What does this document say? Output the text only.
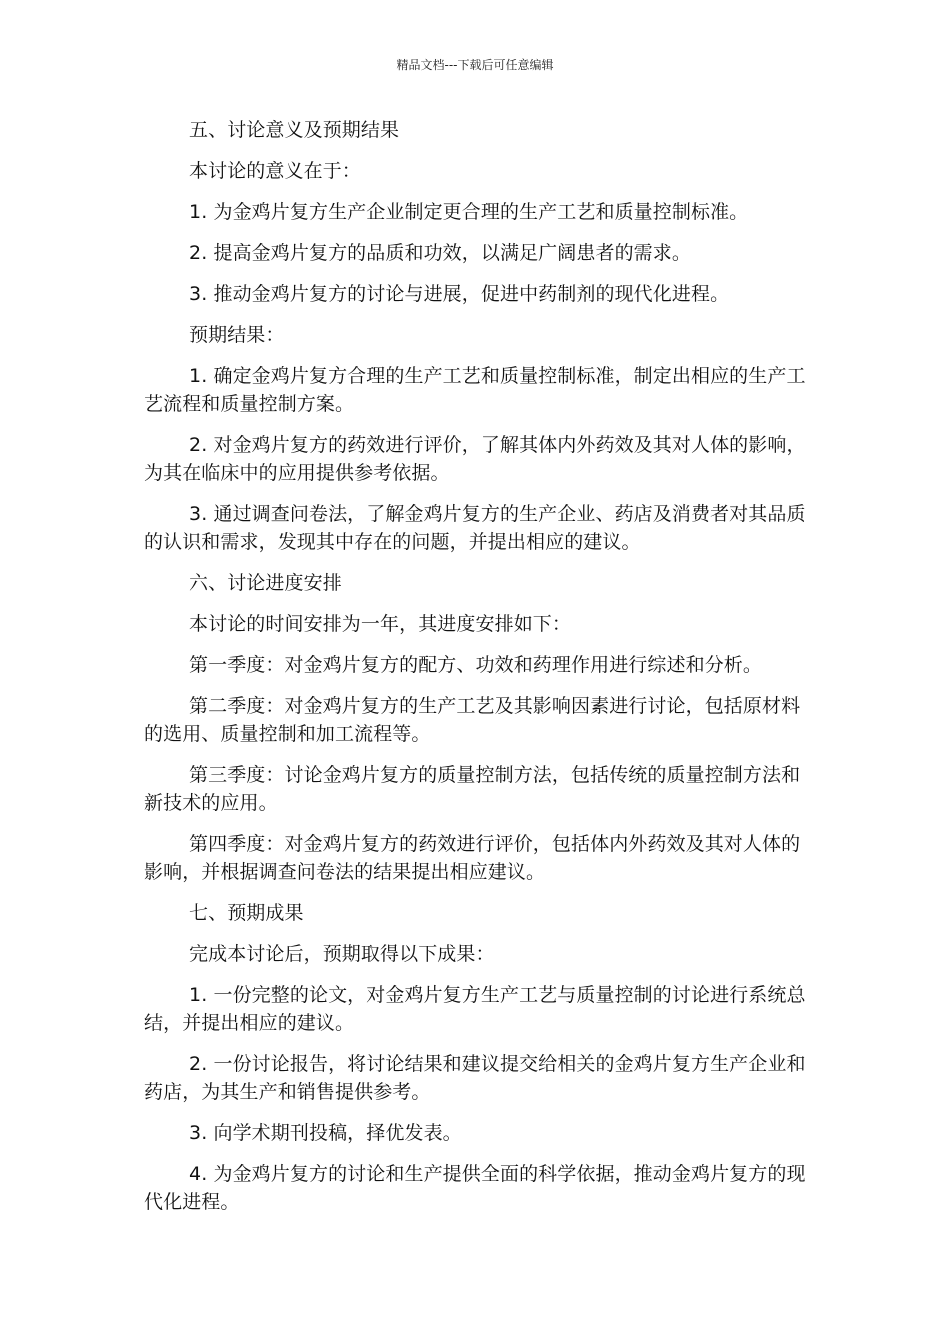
精品文档---下载后可任意编辑

五、讨论意义及预期结果

本讨论的意义在于：

1. 为金鸡片复方生产企业制定更合理的生产工艺和质量控制标准。

2. 提高金鸡片复方的品质和功效，以满足广阔患者的需求。

3. 推动金鸡片复方的讨论与进展，促进中药制剂的现代化进程。

预期结果：

1. 确定金鸡片复方合理的生产工艺和质量控制标准，制定出相应的生产工艺流程和质量控制方案。

2. 对金鸡片复方的药效进行评价，了解其体内外药效及其对人体的影响，为其在临床中的应用提供参考依据。

3. 通过调查问卷法，了解金鸡片复方的生产企业、药店及消费者对其品质的认识和需求，发现其中存在的问题，并提出相应的建议。

六、讨论进度安排

本讨论的时间安排为一年，其进度安排如下：

第一季度：对金鸡片复方的配方、功效和药理作用进行综述和分析。

第二季度：对金鸡片复方的生产工艺及其影响因素进行讨论，包括原材料的选用、质量控制和加工流程等。

第三季度：讨论金鸡片复方的质量控制方法，包括传统的质量控制方法和新技术的应用。

第四季度：对金鸡片复方的药效进行评价，包括体内外药效及其对人体的影响，并根据调查问卷法的结果提出相应建议。

七、预期成果

完成本讨论后，预期取得以下成果：

1. 一份完整的论文，对金鸡片复方生产工艺与质量控制的讨论进行系统总结，并提出相应的建议。

2. 一份讨论报告，将讨论结果和建议提交给相关的金鸡片复方生产企业和药店，为其生产和销售提供参考。

3. 向学术期刊投稿，择优发表。

4. 为金鸡片复方的讨论和生产提供全面的科学依据，推动金鸡片复方的现代化进程。
